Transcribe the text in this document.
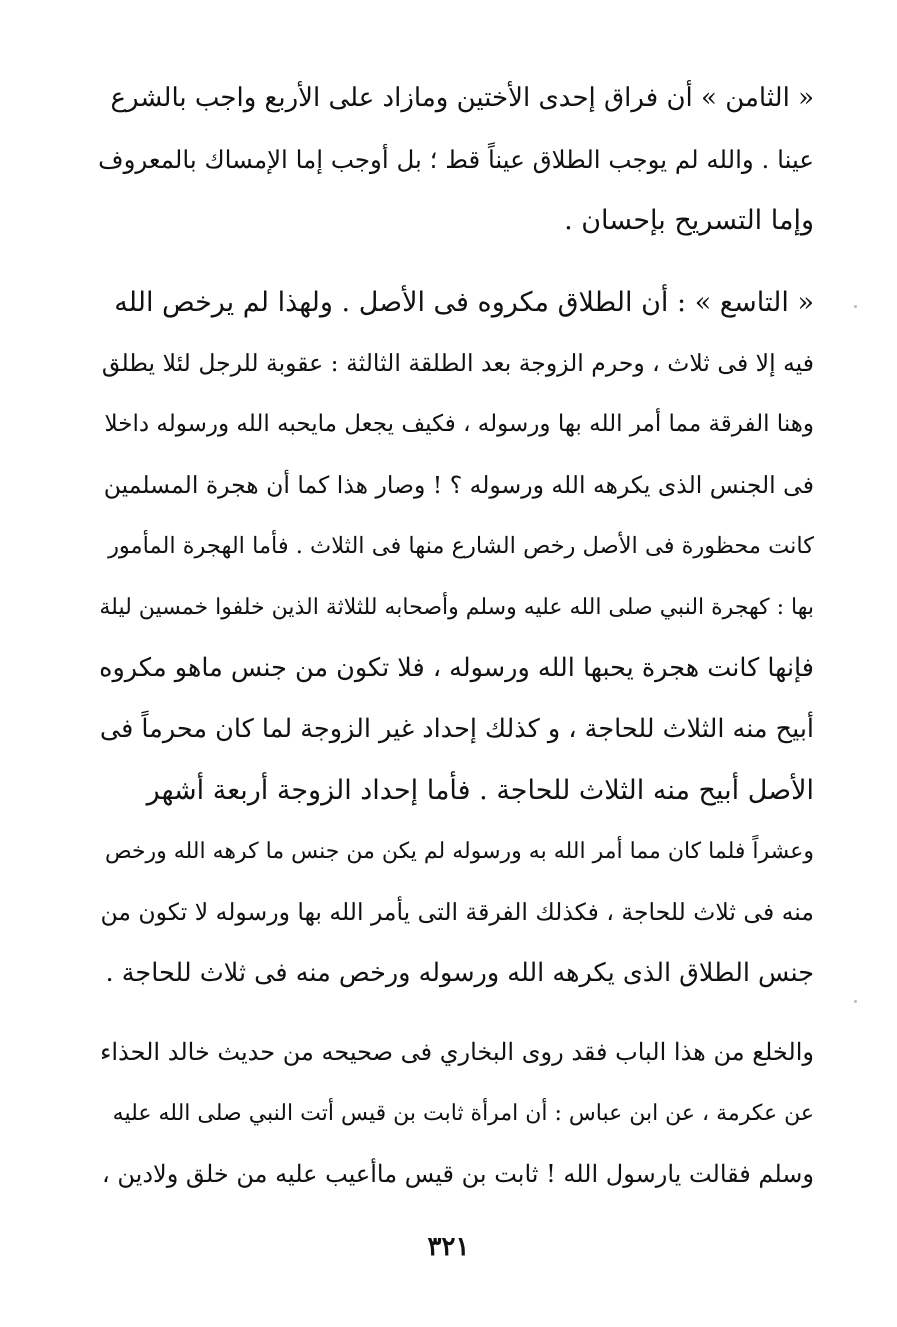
« الثامن » أن فراق إحدى الأختين ومازاد على الأربع واجب بالشرع
عينا . والله لم يوجب الطلاق عيناً قط ؛ بل أوجب إما الإمساك بالمعروف
وإما التسريح بإحسان .
« التاسع » : أن الطلاق مكروه فى الأصل . ولهذا لم يرخص الله
فيه إلا فى ثلاث ، وحرم الزوجة بعد الطلقة الثالثة : عقوبة للرجل لئلا يطلق
وهنا الفرقة مما أمر الله بها ورسوله ، فكيف يجعل مايحبه الله ورسوله داخلا
فى الجنس الذى يكرهه الله ورسوله ؟ ! وصار هذا كما أن هجرة المسلمين
كانت محظورة فى الأصل رخص الشارع منها فى الثلاث . فأما الهجرة المأمور
بها : كهجرة النبي صلى الله عليه وسلم وأصحابه للثلاثة الذين خلفوا خمسين ليلة
فإنها كانت هجرة يحبها الله ورسوله ، فلا تكون من جنس ماهو مكروه
أبيح منه الثلاث للحاجة ، و كذلك إحداد غير الزوجة لما كان محرماً فى
الأصل أبيح منه الثلاث للحاجة . فأما إحداد الزوجة أربعة أشهر
وعشراً فلما كان مما أمر الله به ورسوله لم يكن من جنس ما كرهه الله ورخص
منه فى ثلاث للحاجة ، فكذلك الفرقة التى يأمر الله بها ورسوله لا تكون من
جنس الطلاق الذى يكرهه الله ورسوله ورخص منه فى ثلاث للحاجة .
والخلع من هذا الباب فقد روى البخاري فى صحيحه من حديث خالد الحذاء
عن عكرمة ، عن ابن عباس : أن امرأة ثابت بن قيس أتت النبي صلى الله عليه
وسلم فقالت يارسول الله ! ثابت بن قيس ماأعيب عليه من خلق ولادين ،
٣٢١
